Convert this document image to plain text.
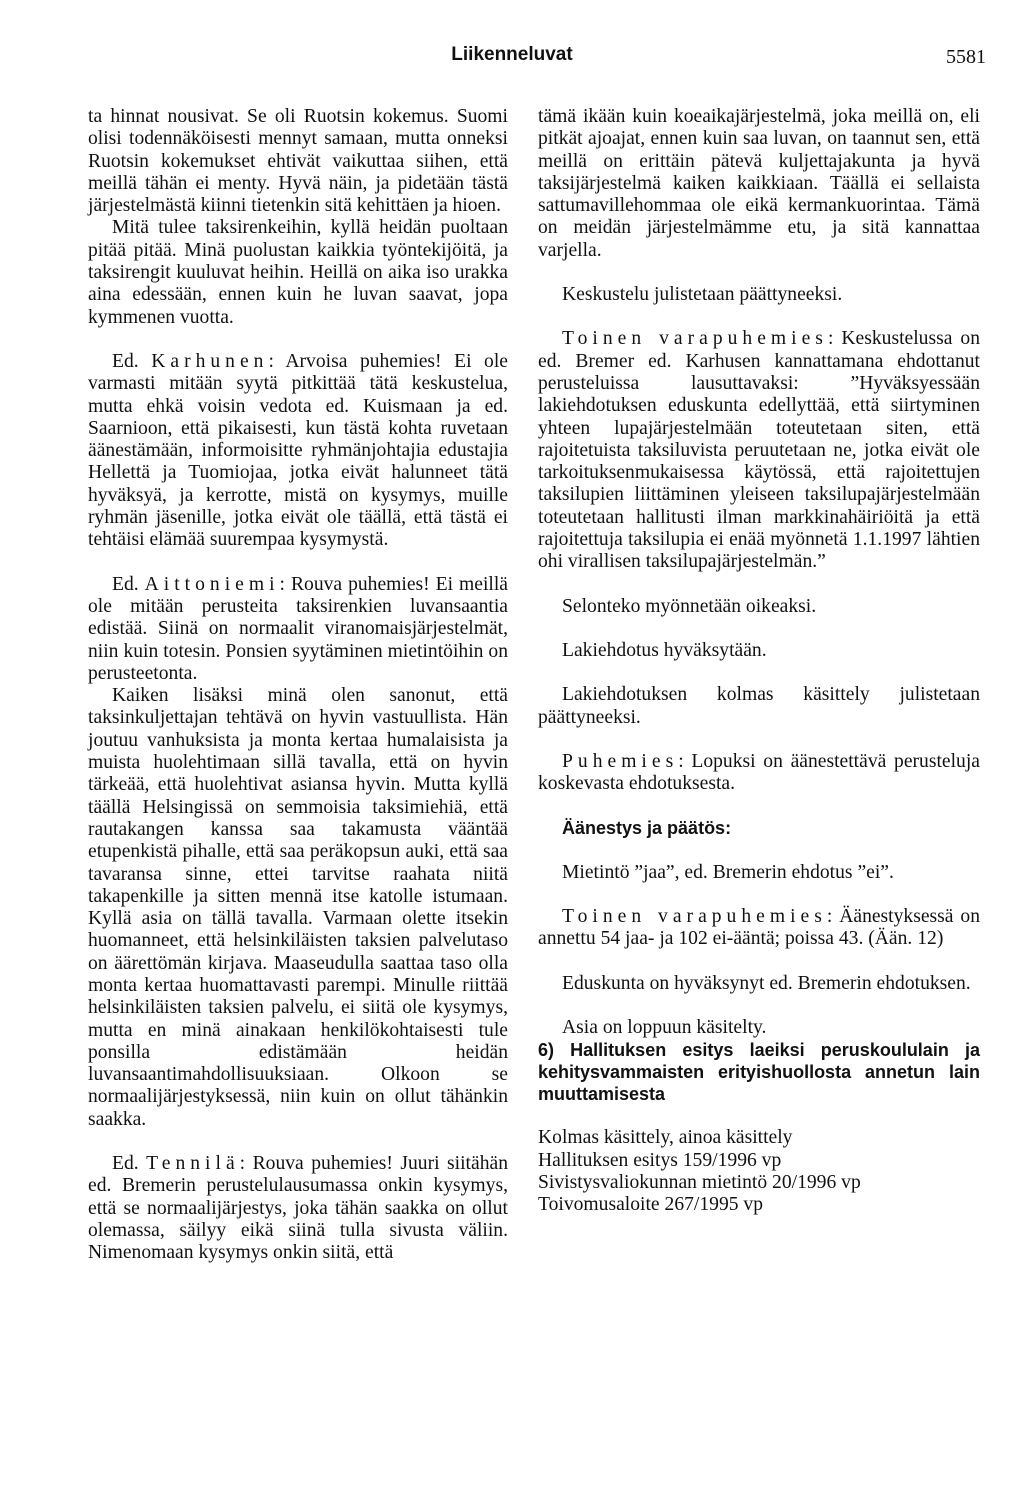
Liikenneluvat	5581

ta hinnat nousivat. Se oli Ruotsin kokemus. Suomi olisi todennäköisesti mennyt samaan, mutta onneksi Ruotsin kokemukset ehtivät vaikuttaa siihen, että meillä tähän ei menty. Hyvä näin, ja pidetään tästä järjestelmästä kiinni tietenkin sitä kehittäen ja hioen.

Mitä tulee taksirenkeihin, kyllä heidän puoltaan pitää pitää. Minä puolustan kaikkia työntekijöitä, ja taksirengit kuuluvat heihin. Heillä on aika iso urakka aina edessään, ennen kuin he luvan saavat, jopa kymmenen vuotta.

Ed. Karhunen: Arvoisa puhemies! Ei ole varmasti mitään syytä pitkittää tätä keskustelua, mutta ehkä voisin vedota ed. Kuismaan ja ed. Saarnioon, että pikaisesti, kun tästä kohta ruvetaan äänestämään, informoisitte ryhmänjohtajia edustajia Hellettä ja Tuomiojaa, jotka eivät halunneet tätä hyväksyä, ja kerrotte, mistä on kysymys, muille ryhmän jäsenille, jotka eivät ole täällä, että tästä ei tehtäisi elämää suurempaa kysymystä.

Ed. Aittoniemi: Rouva puhemies! Ei meillä ole mitään perusteita taksirenkien luvansaantia edistää. Siinä on normaalit viranomaisjärjestelmät, niin kuin totesin. Ponsien syytäminen mietintöihin on perusteetonta.

Kaiken lisäksi minä olen sanonut, että taksinkuljettajan tehtävä on hyvin vastuullista. Hän joutuu vanhuksista ja monta kertaa humalaisista ja muista huolehtimaan sillä tavalla, että on hyvin tärkeää, että huolehtivat asiansa hyvin. Mutta kyllä täällä Helsingissä on semmoisia taksimiehiä, että rautakangen kanssa saa takamusta vääntää etupenkistä pihalle, että saa peräkopsun auki, että saa tavaransa sinne, ettei tarvitse raahata niitä takapenkille ja sitten mennä itse katolle istumaan. Kyllä asia on tällä tavalla. Varmaan olette itsekin huomanneet, että helsinkiläisten taksien palvelutaso on äärettömän kirjava. Maaseudulla saattaa taso olla monta kertaa huomattavasti parempi. Minulle riittää helsinkiläisten taksien palvelu, ei siitä ole kysymys, mutta en minä ainakaan henkilökohtaisesti tule ponsilla edistämään heidän luvansaantimahdollisuuksiaan. Olkoon se normaalijärjestyksessä, niin kuin on ollut tähänkin saakka.

Ed. Tennilä: Rouva puhemies! Juuri siitähän ed. Bremerin perustelulausumassa onkin kysymys, että se normaalijärjestys, joka tähän saakka on ollut olemassa, säilyy eikä siinä tulla sivusta väliin. Nimenomaan kysymys onkin siitä, että

tämä ikään kuin koeaikajärjestelmä, joka meillä on, eli pitkät ajoajat, ennen kuin saa luvan, on taannut sen, että meillä on erittäin pätevä kuljettajakunta ja hyvä taksijärjestelmä kaiken kaikkiaan. Täällä ei sellaista sattumavillehommaa ole eikä kermankuorintaa. Tämä on meidän järjestelmämme etu, ja sitä kannattaa varjella.

Keskustelu julistetaan päättyneeksi.

Toinen varapuhemies: Keskustelussa on ed. Bremer ed. Karhusen kannattamana ehdottanut perusteluissa lausuttavaksi: ”Hyväksyessään lakiehdotuksen eduskunta edellyttää, että siirtyminen yhteen lupajärjestelmään toteutetaan siten, että rajoitetuista taksiluvista peruutetaan ne, jotka eivät ole tarkoituksenmukaisessa käytössä, että rajoitettujen taksilupien liittäminen yleiseen taksilupajärjestelmään toteutetaan hallitusti ilman markkinahäiriöitä ja että rajoitettuja taksilupia ei enää myönnetä 1.1.1997 lähtien ohi virallisen taksilupajärjestelmän.”

Selonteko myönnetään oikeaksi.

Lakiehdotus hyväksytään.

Lakiehdotuksen kolmas käsittely julistetaan päättyneeksi.

Puhemies: Lopuksi on äänestettävä perusteluja koskevasta ehdotuksesta.

Äänestys ja päätös:

Mietintö ”jaa”, ed. Bremerin ehdotus ”ei”.

Toinen varapuhemies: Äänestyksessä on annettu 54 jaa- ja 102 ei-ääntä; poissa 43. (Ään. 12)

Eduskunta on hyväksynyt ed. Bremerin ehdotuksen.

Asia on loppuun käsitelty.

6) Hallituksen esitys laeiksi peruskoululain ja kehitysvammaisten erityishuollosta annetun lain muuttamisesta

Kolmas käsittely, ainoa käsittely
Hallituksen esitys 159/1996 vp
Sivistysvaliokunnan mietintö 20/1996 vp
Toivomusaloite 267/1995 vp
